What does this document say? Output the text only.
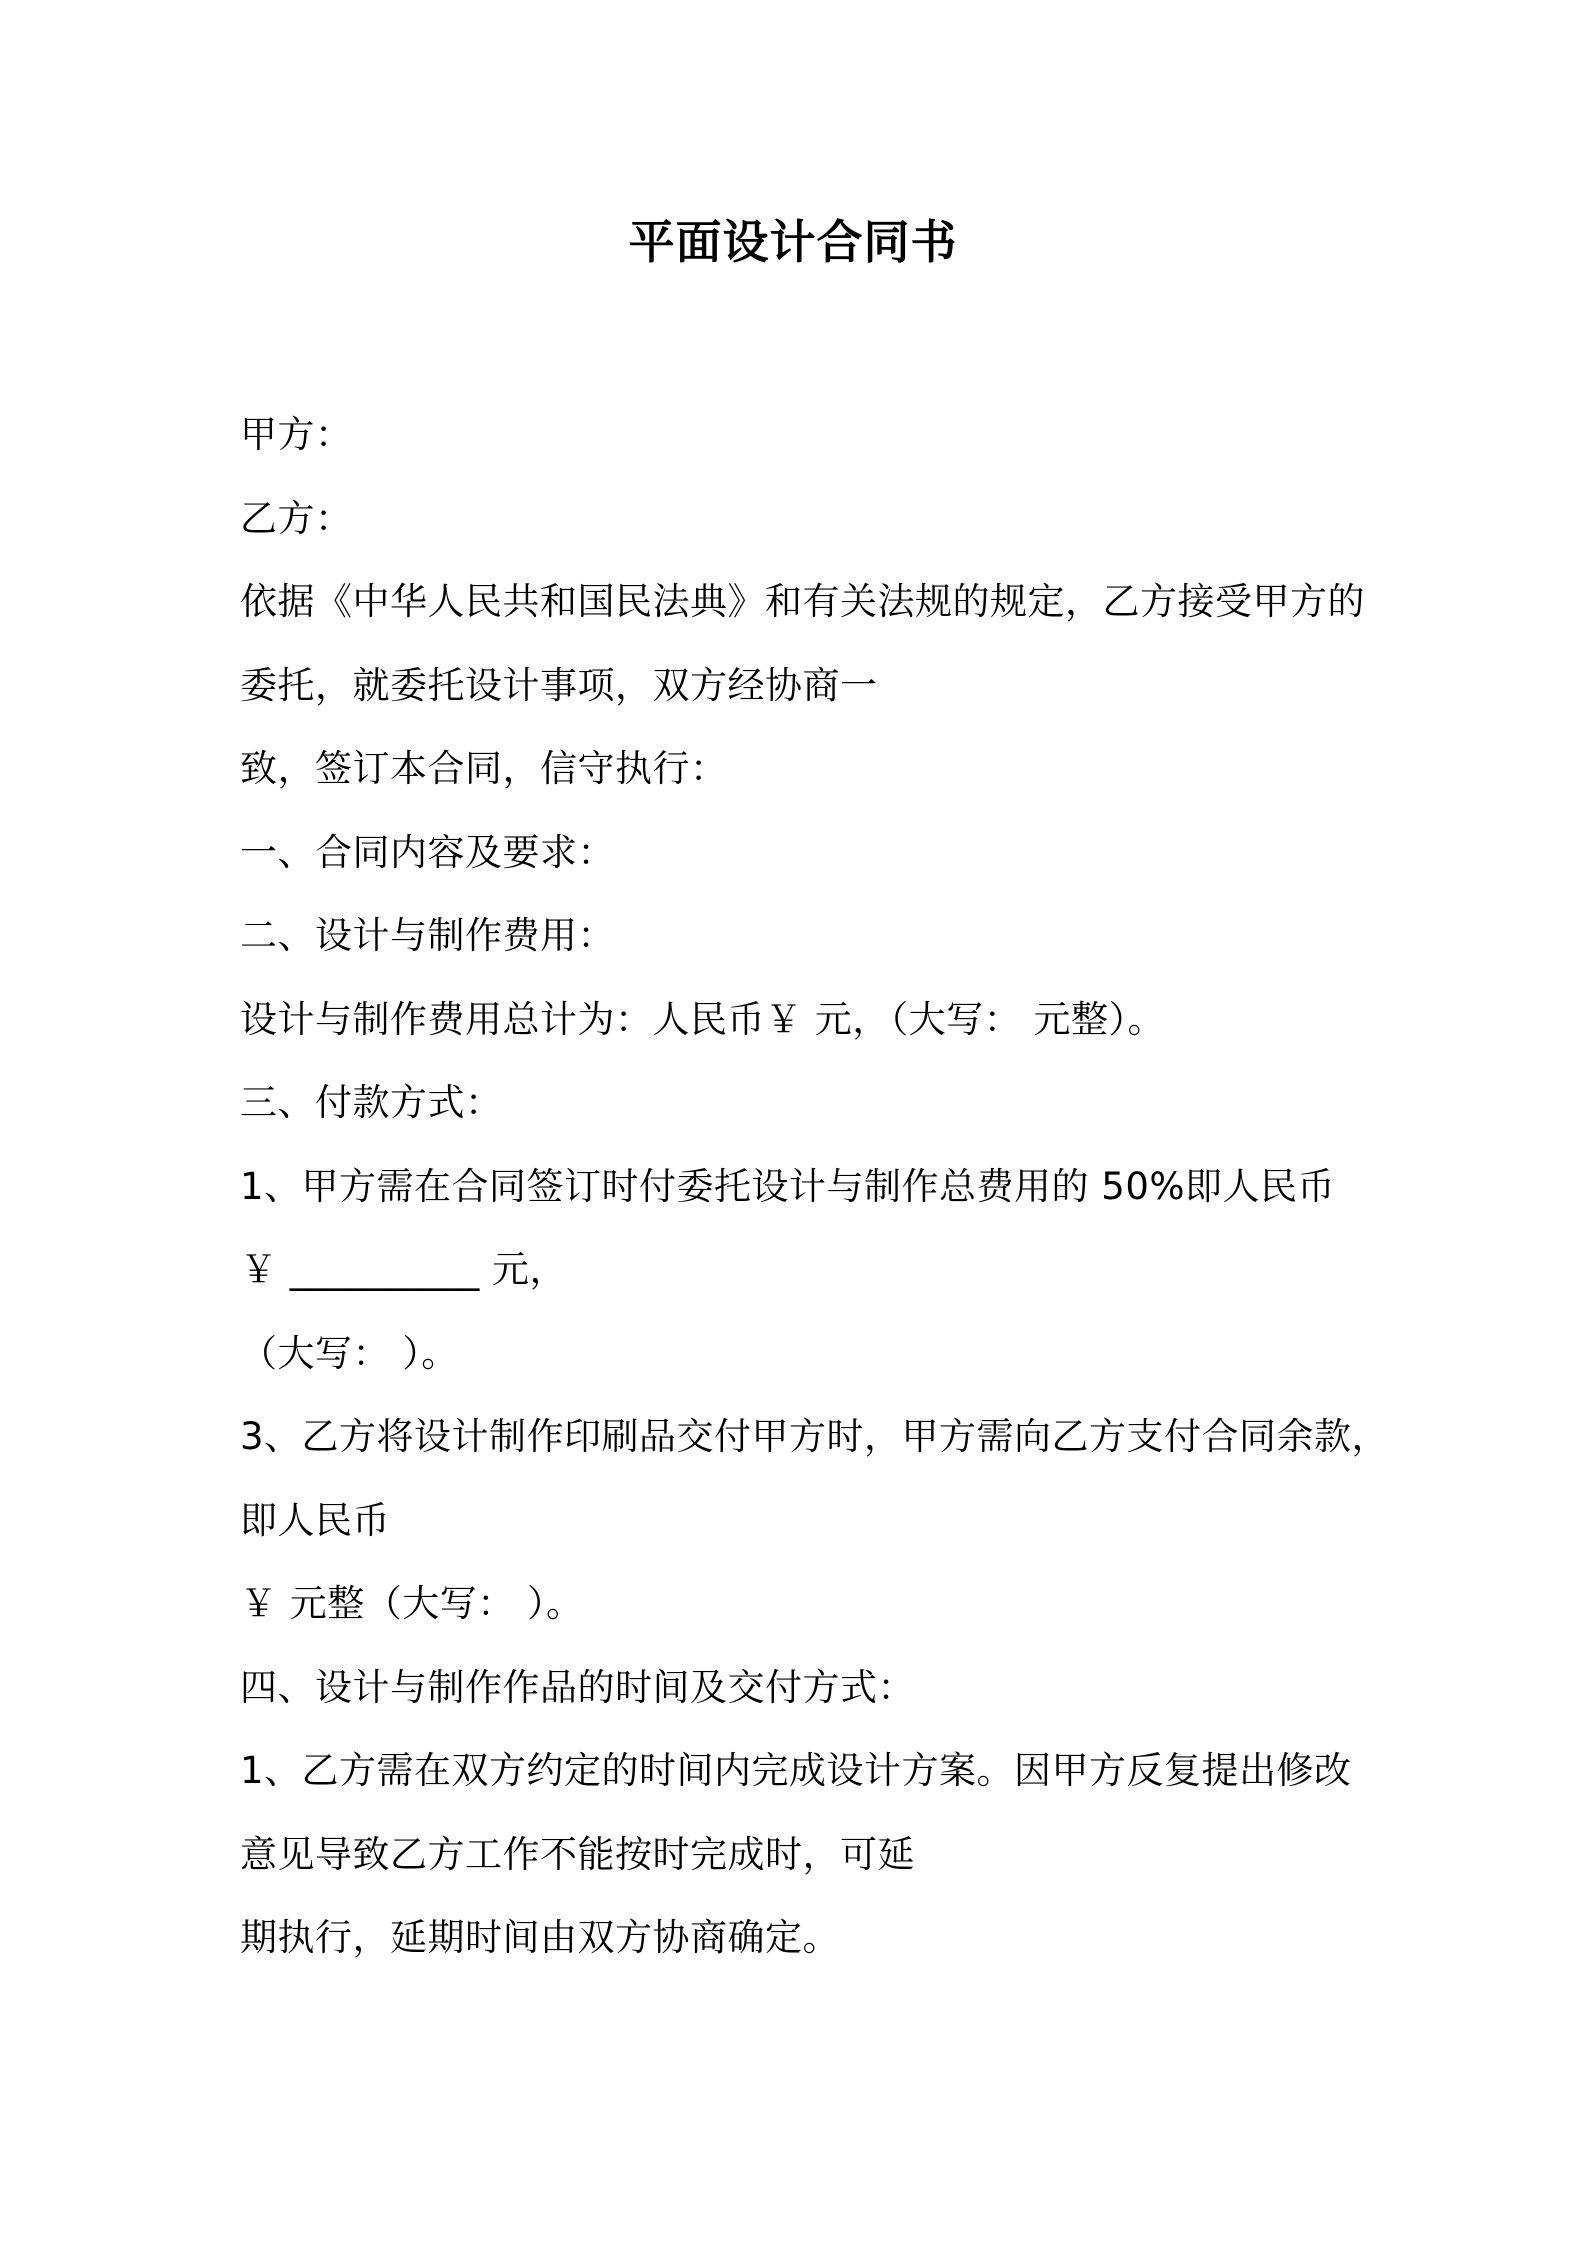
平面设计合同书
甲方：
乙方：
依据《中华人民共和国民法典》和有关法规的规定，乙方接受甲方的
委托，就委托设计事项，双方经协商一
致，签订本合同，信守执行：
一、合同内容及要求：
二、设计与制作费用：
设计与制作费用总计为：人民币￥ 元，（大写： 元整）。
三、付款方式：
1、甲方需在合同签订时付委托设计与制作总费用的 50%即人民币
￥ __________ 元，
（大写： ）。
3、乙方将设计制作印刷品交付甲方时，甲方需向乙方支付合同余款，
即人民币
￥ 元整（大写： ）。
四、设计与制作作品的时间及交付方式：
1、乙方需在双方约定的时间内完成设计方案。因甲方反复提出修改
意见导致乙方工作不能按时完成时，可延
期执行，延期时间由双方协商确定。
